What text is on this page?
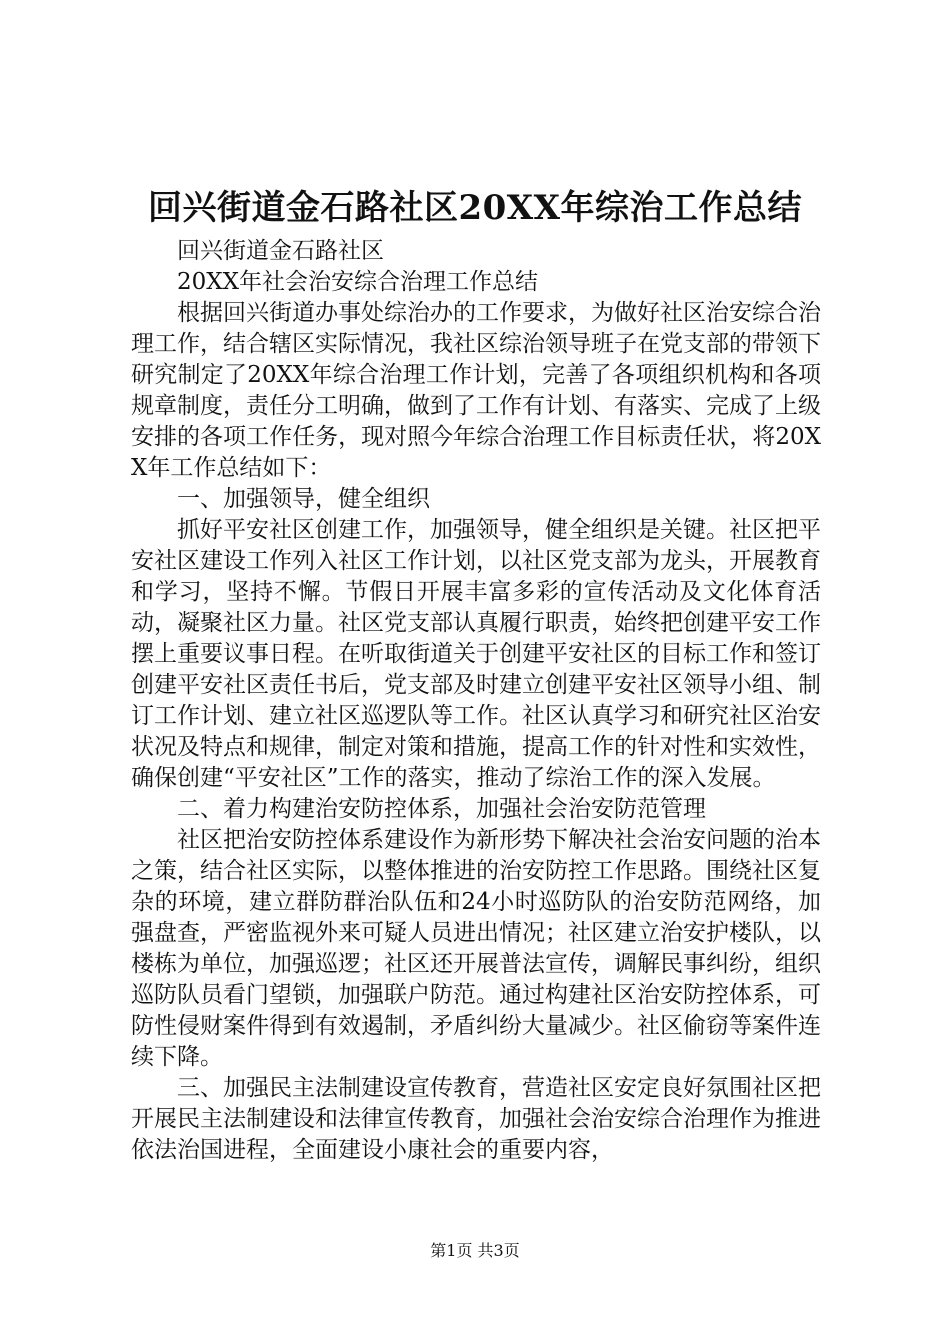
回兴街道金石路社区20XX年综治工作总结

回兴街道金石路社区

20XX年社会治安综合治理工作总结

根据回兴街道办事处综治办的工作要求，为做好社区治安综合治理工作，结合辖区实际情况，我社区综治领导班子在党支部的带领下研究制定了20XX年综合治理工作计划，完善了各项组织机构和各项规章制度，责任分工明确，做到了工作有计划、有落实、完成了上级安排的各项工作任务，现对照今年综合治理工作目标责任状，将20XX年工作总结如下：

一、加强领导，健全组织

抓好平安社区创建工作，加强领导，健全组织是关键。社区把平安社区建设工作列入社区工作计划，以社区党支部为龙头，开展教育和学习，坚持不懈。节假日开展丰富多彩的宣传活动及文化体育活动，凝聚社区力量。社区党支部认真履行职责，始终把创建平安工作摆上重要议事日程。在听取街道关于创建平安社区的目标工作和签订创建平安社区责任书后，党支部及时建立创建平安社区领导小组、制订工作计划、建立社区巡逻队等工作。社区认真学习和研究社区治安状况及特点和规律，制定对策和措施，提高工作的针对性和实效性，确保创建“平安社区”工作的落实，推动了综治工作的深入发展。

二、着力构建治安防控体系，加强社会治安防范管理

社区把治安防控体系建设作为新形势下解决社会治安问题的治本之策，结合社区实际，以整体推进的治安防控工作思路。围绕社区复杂的环境，建立群防群治队伍和24小时巡防队的治安防范网络，加强盘查，严密监视外来可疑人员进出情况；社区建立治安护楼队，以楼栋为单位，加强巡逻；社区还开展普法宣传，调解民事纠纷，组织巡防队员看门望锁，加强联户防范。通过构建社区治安防控体系，可防性侵财案件得到有效遏制，矛盾纠纷大量减少。社区偷窃等案件连续下降。

三、加强民主法制建设宣传教育，营造社区安定良好氛围社区把开展民主法制建设和法律宣传教育，加强社会治安综合治理作为推进依法治国进程，全面建设小康社会的重要内容，

第1页 共3页
